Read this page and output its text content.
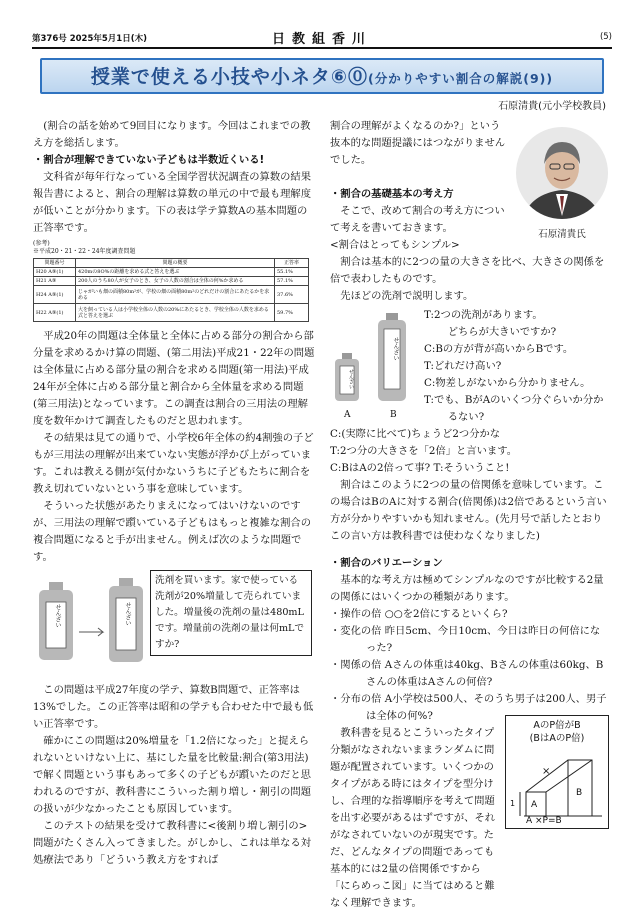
第376号 2025年5月1日(木)	日教組香川	(5)
授業で使える小技や小ネタ⑥⓪(分かりやすい割合の解説(9))
石原清貴(元小学校教員)

(割合の話を始めて9回目になります。今回はこれまでの教え方を総括します。

・割合が理解できていない子どもは半数近くいる!

文科省が毎年行なっている全国学習状況調査の算数の結果報告書によると、割合の理解は算数の単元の中で最も理解度が低いことが分かります。下の表は学テ算数Aの基本問題の正答率です。

(参考)
※平成20・21・22・24年度調査問題
問題番号	問題の概要	正答率
H20 A⑨(1)	420mの8O%の距離を求める式と答えを選ぶ	55.1%
H21 A⑨	200人のうち80人が女子のとき、女子の人数の割合は全体の何%か求める	57.1%
H24 A⑨(1)	じゃがいも畑の面積80m²が、学校の畑の面積80m²のどれだけの割合にあたるかを求める	37.6%
H22 A⑨(1)	大を飼っている人は小学校全体の人数の20%にあたるとき、学校全体の人数を求める式と答えを選ぶ	59.7%

平成20年の問題は全体量と全体に占める部分の割合から部分量を求めるかけ算の問題、(第二用法)平成21・22年の問題は全体量に占める部分量の割合を求める問題(第一用法)平成24年が全体に占める部分量と割合から全体量を求める問題(第三用法)となっています。この調査は割合の三用法の理解度を数年かけて調査したものだと思われます。

その結果は見ての通りで、小学校6年全体の約4割強の子どもが三用法の理解が出来ていない実態が浮かび上がっています。これは教える側が気付かないうちに子どもたちに割合を教え切れていないという事を意味しています。

そういった状態があたりまえになってはいけないのですが、三用法の理解で躓いている子どもはもっと複雑な割合の複合問題になると手が出ません。例えば次のような問題です。

せんざい	せんざい
洗剤を買います。家で使っている洗剤が20%増量して売られていました。増量後の洗剤の量は480mLです。増量前の洗剤の量は何mLですか?

この問題は平成27年度の学テ、算数B問題で、正答率は13%でした。この正答率は昭和の学テも合わせた中で最も低い正答率です。

確かにこの問題は20%増量を「1.2倍になった」と捉えられないといけない上に、基にした量を比較量:割合(第3用法)で解く問題という事もあって多くの子どもが躓いたのだと思われるのですが、教科書にこういった割り増し・割引の問題の扱いが少なかったことも原因しています。

このテストの結果を受けて教科書に<後割り増し割引の>問題がたくさん入ってきました。がしかし、これは単なる対処療法であり「どういう教え方をすれば

割合の理解がよくなるのか?」という抜本的な問題提議にはつながりませんでした。

・割合の基礎基本の考え方

そこで、改めて割合の考え方について考えを書いておきます。

<割合はとってもシンプル>

割合は基本的に2つの量の大きさを比べ、大きさの関係を倍で表わしたものです。

先ほどの洗剤で説明します。

せんざい
せんざい
A	B
T:2つの洗剤があります。
どちらが大きいですか?
C:Bの方が背が高いからBです。
T:どれだけ高い?
C:物差しがないから分かりません。
T:でも、BがAのいくつ分ぐらいか分かるない?
C:(実際に比べて)ちょうど2つ分かな
T:2つ分の大きさを「2倍」と言います。
C:BはAの2倍って事? T:そういうこと!

割合はこのように2つの量の倍関係を意味しています。この場合はBのAに対する割合(倍関係)は2倍であるという言い方が分かりやすいかも知れません。(先月号で話したとおりこの言い方は教科書では使わなくなりました)

・割合のバリエーション

基本的な考え方は極めてシンプルなのですが比較する2量の関係にはいくつかの種類があります。

・操作の倍 ○○を2倍にするといくら?
・変化の倍 昨日5cm、今日10cm、今日は昨日の何倍になった?
・関係の倍 Aさんの体重は40kg、Bさんの体重は60kg、Bさんの体重はAさんの何倍?
・分布の倍 A小学校は500人、そのうち男子は200人、男子は全体の何%?

教科書を見るとこういったタイプ分類がなされないままランダムに問題が配置されています。いくつかのタイプがある時にはタイプを型分けし、合理的な指導順序を考えて問題を出す必要があるはずですが、それがなされていないのが現実です。ただ、どんなタイプの問題であっても基本的には2量の倍関係ですから「にらめっこ図」に当てはめると難なく理解できます。

石原清貴氏
AのP倍がB
(BはAのP倍)
×
1 A
B
A ×P=B
